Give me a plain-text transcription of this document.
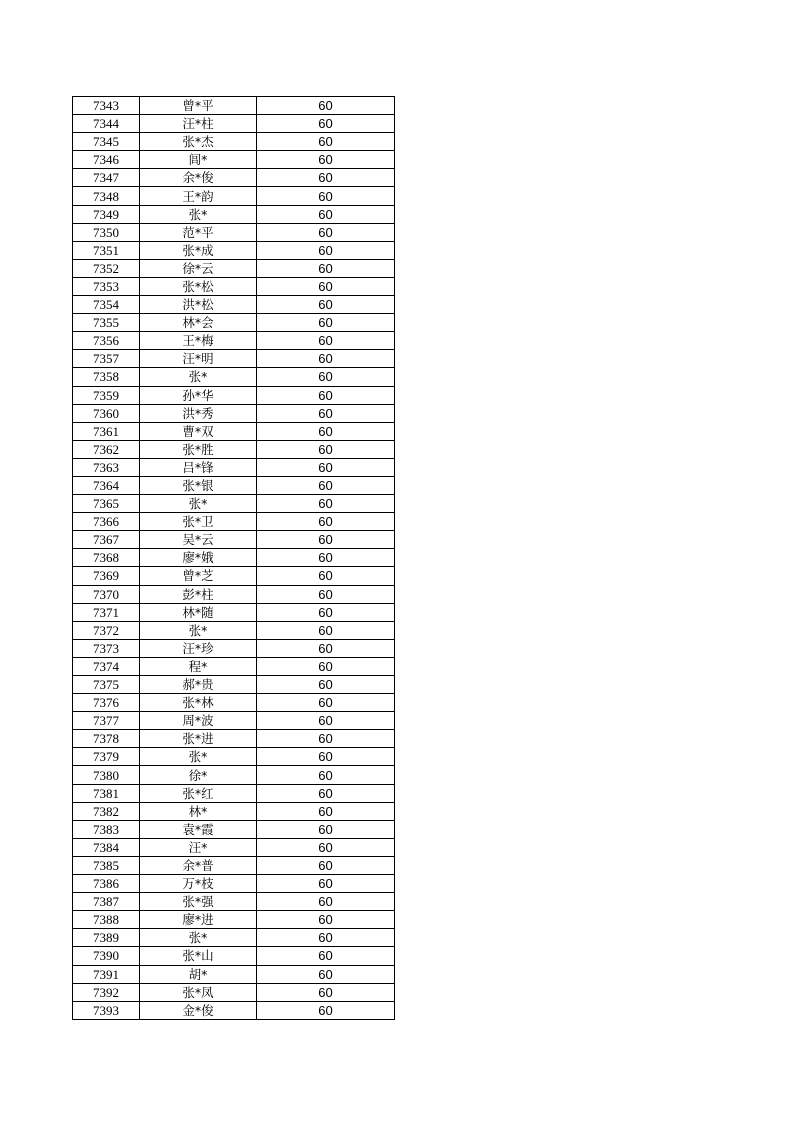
7343	曾*平	60
7344	汪*柱	60
7345	张*杰	60
7346	闾*	60
7347	余*俊	60
7348	王*韵	60
7349	张*	60
7350	范*平	60
7351	张*成	60
7352	徐*云	60
7353	张*松	60
7354	洪*松	60
7355	林*会	60
7356	王*梅	60
7357	汪*明	60
7358	张*	60
7359	孙*华	60
7360	洪*秀	60
7361	曹*双	60
7362	张*胜	60
7363	吕*锋	60
7364	张*银	60
7365	张*	60
7366	张*卫	60
7367	吴*云	60
7368	廖*娥	60
7369	曾*芝	60
7370	彭*柱	60
7371	林*随	60
7372	张*	60
7373	汪*珍	60
7374	程*	60
7375	郝*贵	60
7376	张*林	60
7377	周*波	60
7378	张*进	60
7379	张*	60
7380	徐*	60
7381	张*红	60
7382	林*	60
7383	袁*霞	60
7384	汪*	60
7385	余*普	60
7386	万*枝	60
7387	张*强	60
7388	廖*进	60
7389	张*	60
7390	张*山	60
7391	胡*	60
7392	张*凤	60
7393	金*俊	60
